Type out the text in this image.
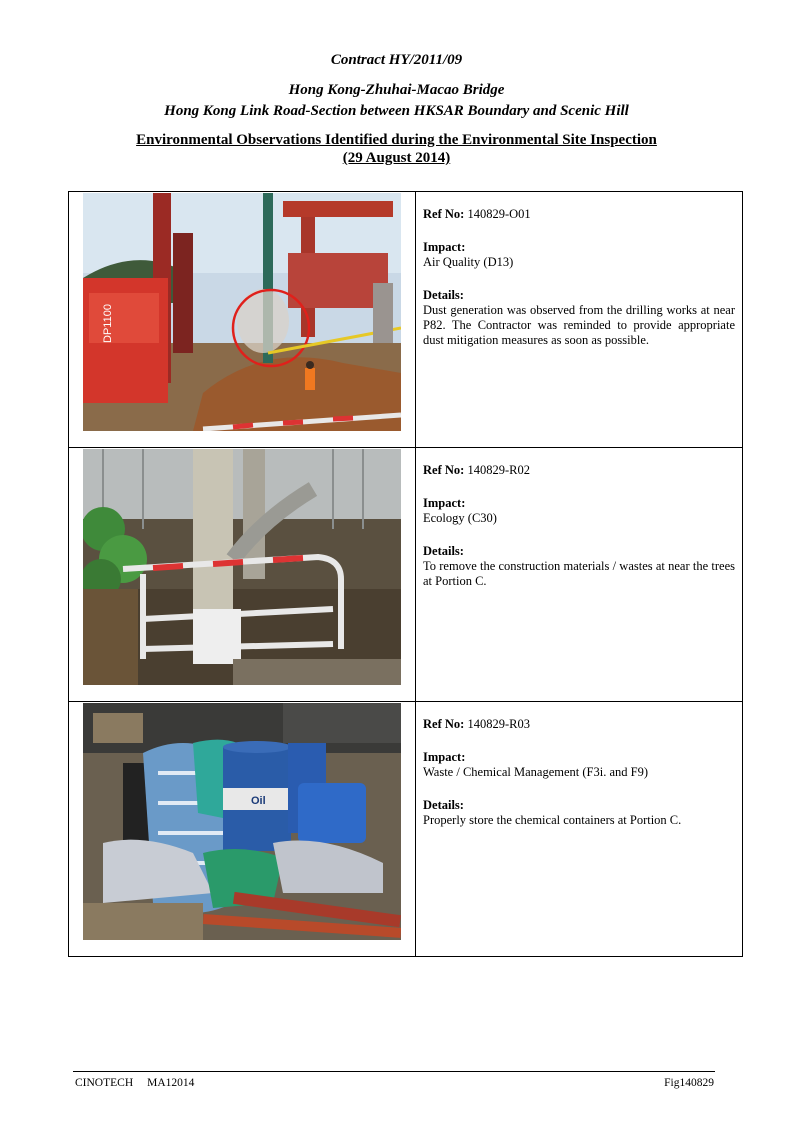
Contract HY/2011/09
Hong Kong-Zhuhai-Macao Bridge
Hong Kong Link Road-Section between HKSAR Boundary and Scenic Hill
Environmental Observations Identified during the Environmental Site Inspection
(29 August 2014)
DP1100	Ref No: 140829-O01
Impact:
Air Quality (D13)
Details:
Dust generation was observed from the drilling works at near P82. The Contractor was reminded to provide appropriate dust mitigation measures as soon as possible.

Ref No: 140829-R02
Impact:
Ecology (C30)
Details:
To remove the construction materials / wastes at near the trees at Portion C.

Oil	Ref No: 140829-R03
Impact:
Waste / Chemical Management (F3i. and F9)
Details:
Properly store the chemical containers at Portion C.
CINOTECH MA12014	Fig140829
